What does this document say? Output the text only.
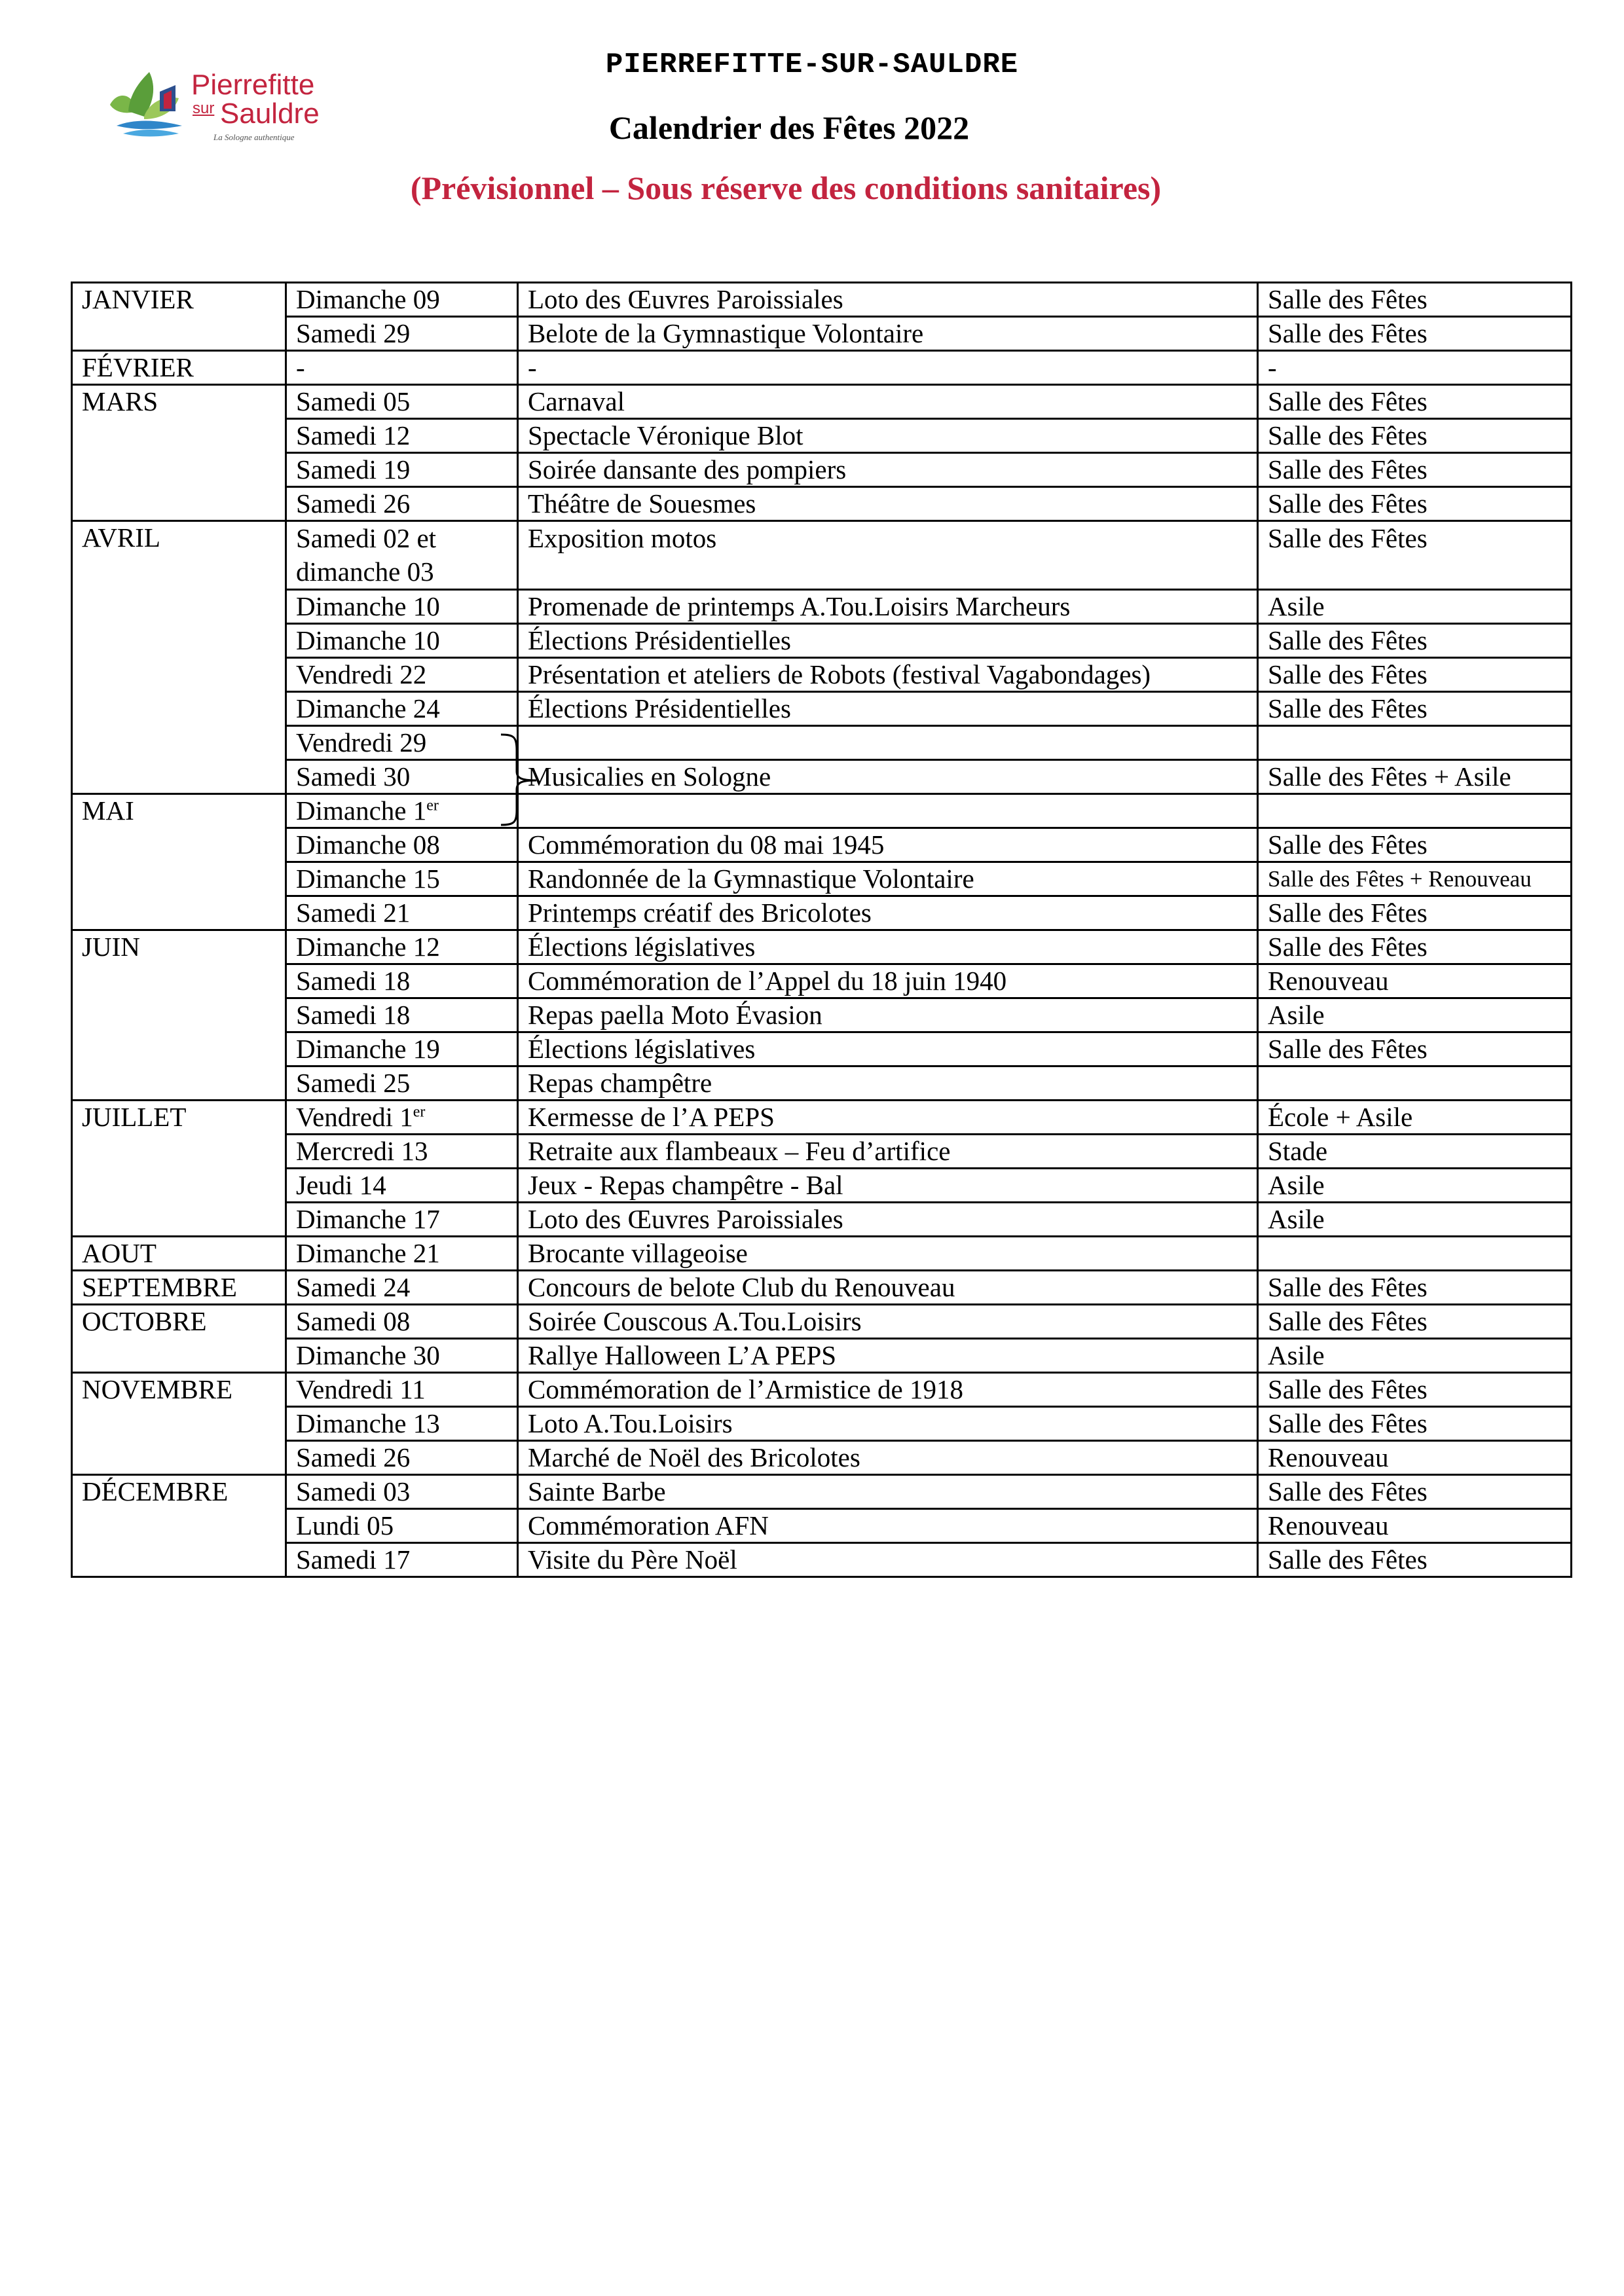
Pierrefitte
sur Sauldre
La Sologne authentique
PIERREFITTE-SUR-SAULDRE
Calendrier des Fêtes 2022
(Prévisionnel – Sous réserve des conditions sanitaires)
JANVIER	Dimanche 09	Loto des Œuvres Paroissiales	Salle des Fêtes
	Samedi 29	Belote de la Gymnastique Volontaire	Salle des Fêtes
FÉVRIER	-	-	-
MARS	Samedi 05	Carnaval	Salle des Fêtes
	Samedi 12	Spectacle Véronique Blot	Salle des Fêtes
	Samedi 19	Soirée dansante des pompiers	Salle des Fêtes
	Samedi 26	Théâtre de Souesmes	Salle des Fêtes
AVRIL	Samedi 02 et dimanche 03	Exposition motos	Salle des Fêtes
	Dimanche 10	Promenade de printemps A.Tou.Loisirs Marcheurs	Asile
	Dimanche 10	Élections Présidentielles	Salle des Fêtes
	Vendredi 22	Présentation et ateliers de Robots (festival Vagabondages)	Salle des Fêtes
	Dimanche 24	Élections Présidentielles	Salle des Fêtes
	Vendredi 29

	Samedi 30	Musicalies en Sologne	Salle des Fêtes + Asile
MAI	Dimanche 1er		
	Dimanche 08	Commémoration du 08 mai 1945	Salle des Fêtes
	Dimanche 15	Randonnée de la Gymnastique Volontaire	Salle des Fêtes + Renouveau
	Samedi 21	Printemps créatif des Bricolotes	Salle des Fêtes
JUIN	Dimanche 12	Élections législatives	Salle des Fêtes
	Samedi 18	Commémoration de l’Appel du 18 juin 1940	Renouveau
	Samedi 18	Repas paella Moto Évasion	Asile
	Dimanche 19	Élections législatives	Salle des Fêtes
	Samedi 25	Repas champêtre	
JUILLET	Vendredi 1er	Kermesse de l’A PEPS	École + Asile
	Mercredi 13	Retraite aux flambeaux – Feu d’artifice	Stade
	Jeudi 14	Jeux - Repas champêtre - Bal	Asile
	Dimanche 17	Loto des Œuvres Paroissiales	Asile
AOUT	Dimanche 21	Brocante villageoise	
SEPTEMBRE	Samedi 24	Concours de belote Club du Renouveau	Salle des Fêtes
OCTOBRE	Samedi 08	Soirée Couscous A.Tou.Loisirs	Salle des Fêtes
	Dimanche 30	Rallye Halloween L’A PEPS	Asile
NOVEMBRE	Vendredi 11	Commémoration de l’Armistice de 1918	Salle des Fêtes
	Dimanche 13	Loto A.Tou.Loisirs	Salle des Fêtes
	Samedi 26	Marché de Noël des Bricolotes	Renouveau
DÉCEMBRE	Samedi 03	Sainte Barbe	Salle des Fêtes
	Lundi 05	Commémoration AFN	Renouveau
	Samedi 17	Visite du Père Noël	Salle des Fêtes
